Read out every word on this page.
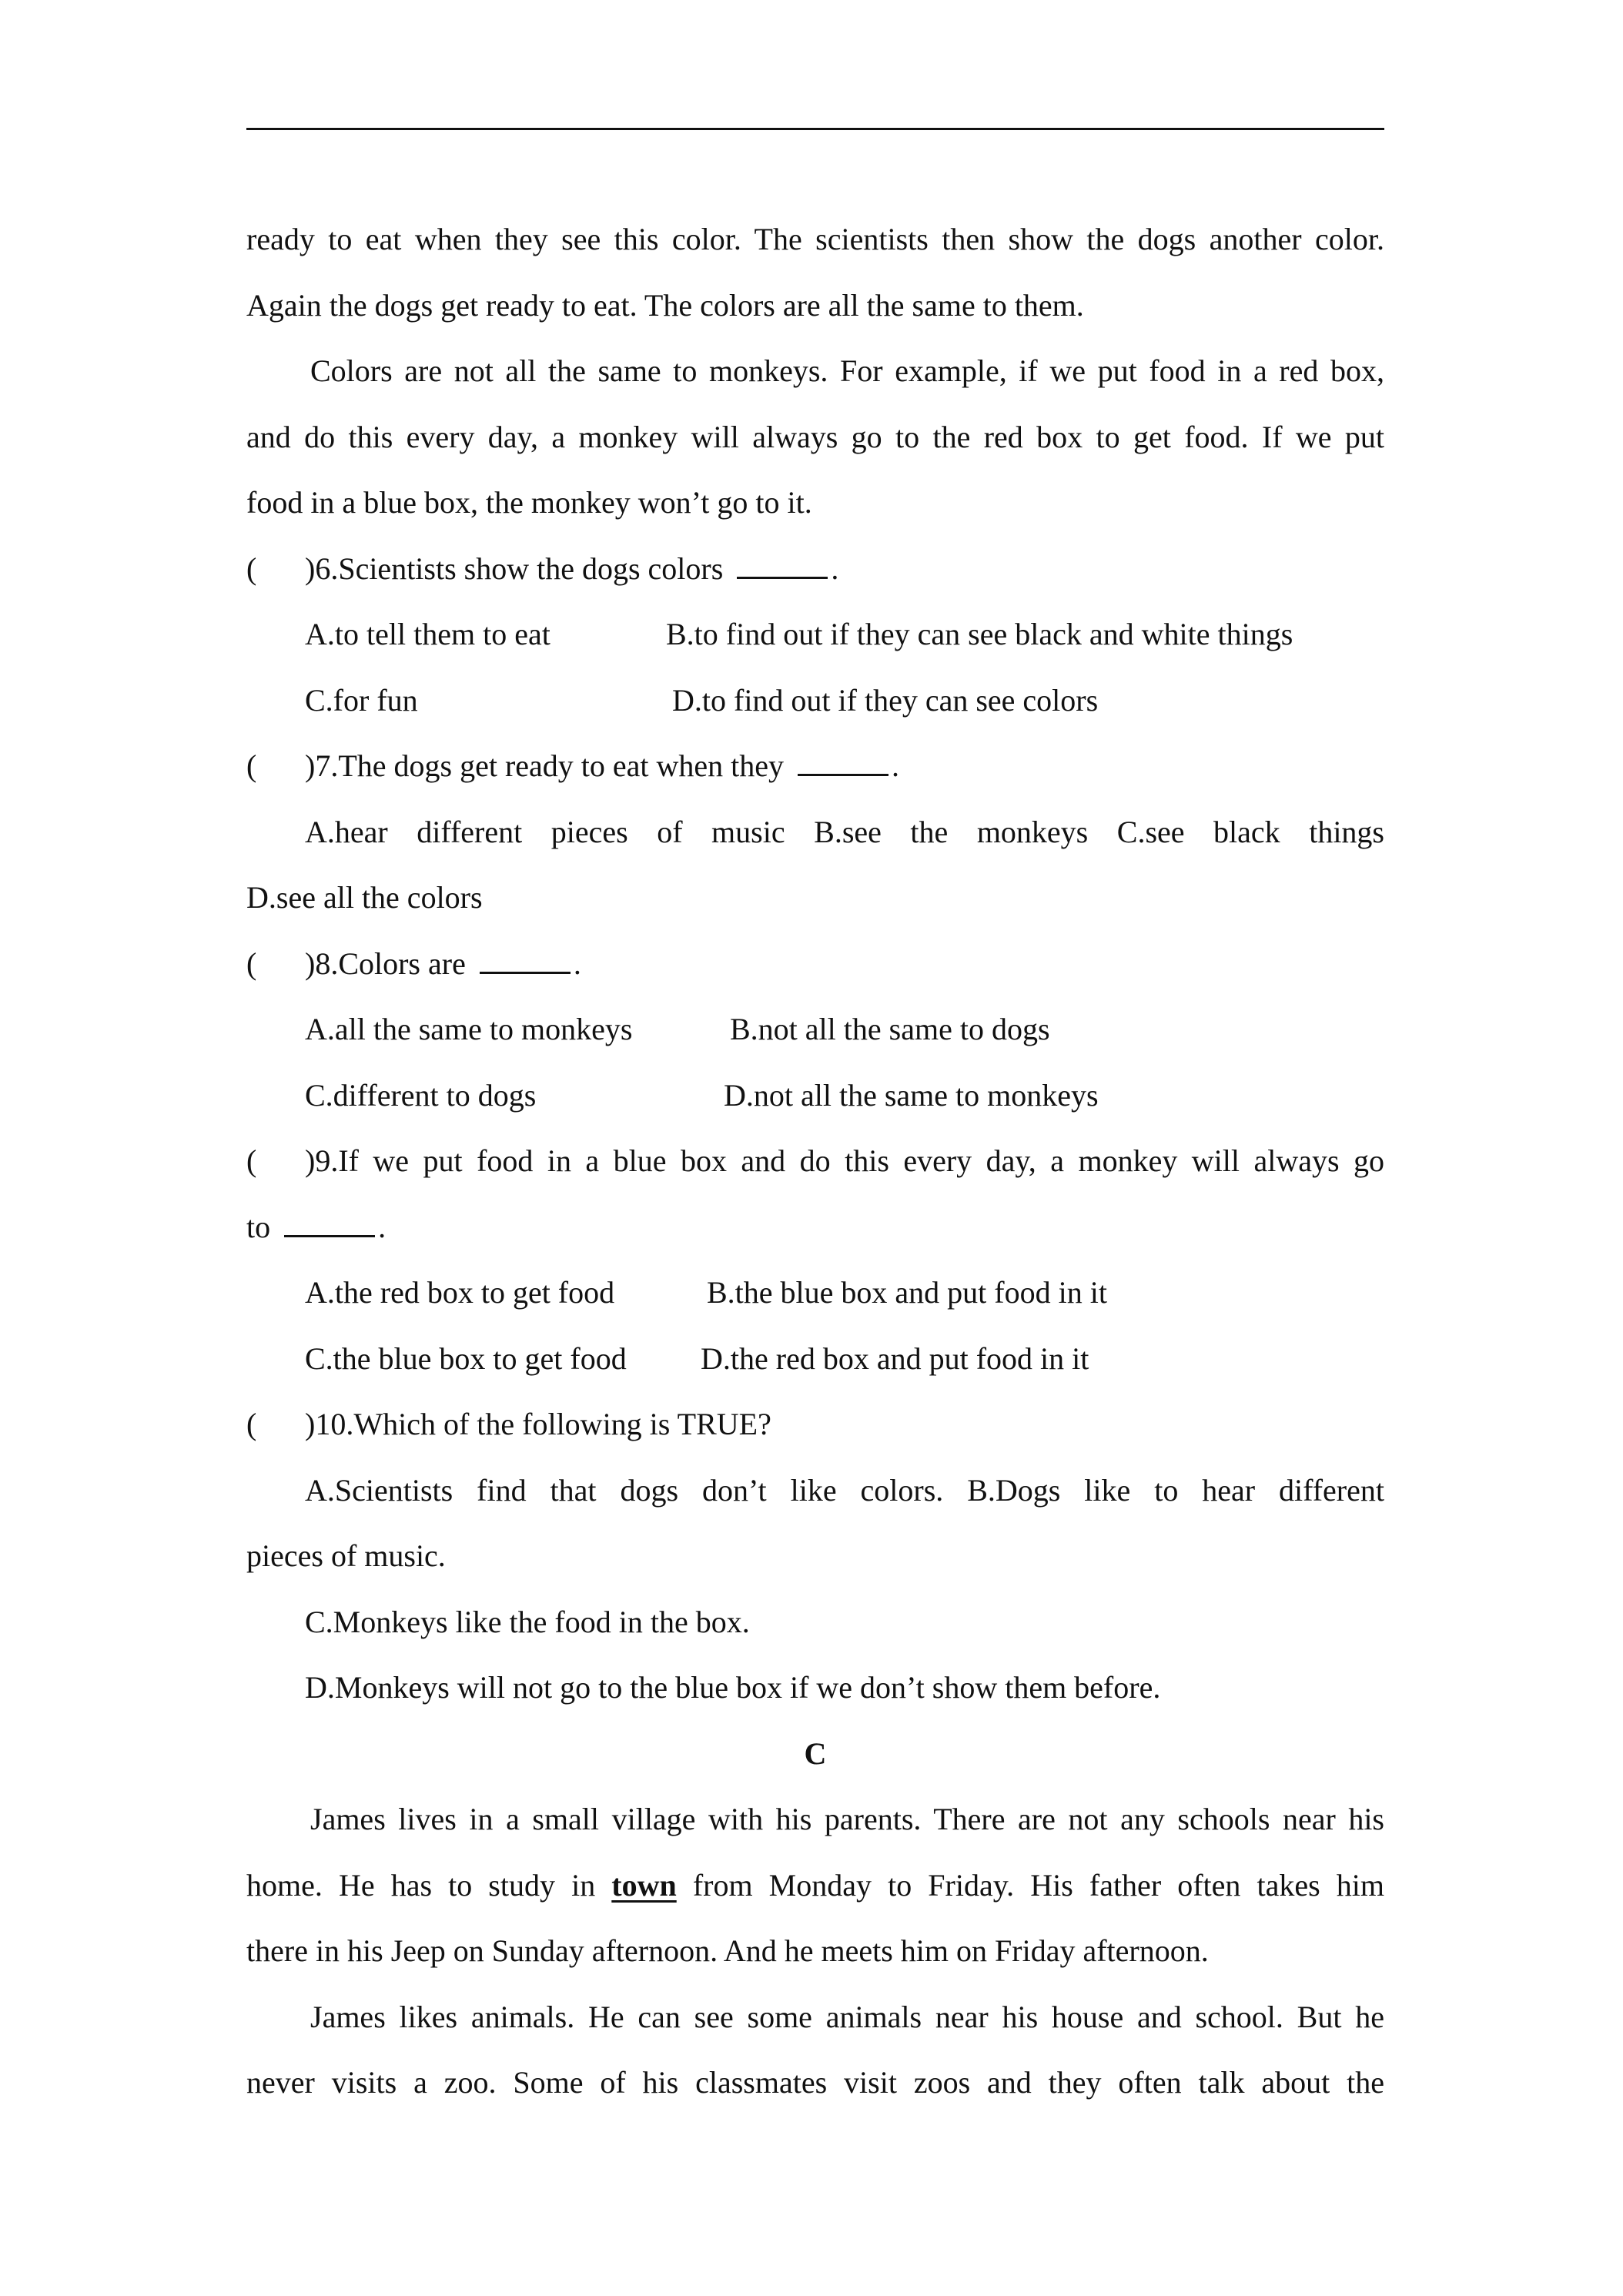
ready to eat when they see this color. The scientists then show the dogs another color.
Again the dogs get ready to eat. The colors are all the same to them.
Colors are not all the same to monkeys. For example, if we put food in a red box,
and do this every day, a monkey will always go to the red box to get food. If we put
food in a blue box, the monkey won’t go to it.
( )6.Scientists show the dogs colors	.
A.to tell them to eat	B.to find out if they can see black and white things
C.for fun	D.to find out if they can see colors
( )7.The dogs get ready to eat when they	.
A.hear different pieces of music B.see the monkeys C.see black things
D.see all the colors
( )8.Colors are	.
A.all the same to monkeys	B.not all the same to dogs
C.different to dogs	D.not all the same to monkeys
( )9.If we put food in a blue box and do this every day, a monkey will always go
to	.
A.the red box to get food	B.the blue box and put food in it
C.the blue box to get food D.the red box and put food in it
( )10.Which of the following is TRUE?
A.Scientists find that dogs don’t like colors. B.Dogs like to hear different
pieces of music.
C.Monkeys like the food in the box.
D.Monkeys will not go to the blue box if we don’t show them before.
C
James lives in a small village with his parents. There are not any schools near his
home. He has to study in town from Monday to Friday. His father often takes him
there in his Jeep on Sunday afternoon. And he meets him on Friday afternoon.
James likes animals. He can see some animals near his house and school. But he
never visits a zoo. Some of his classmates visit zoos and they often talk about the
